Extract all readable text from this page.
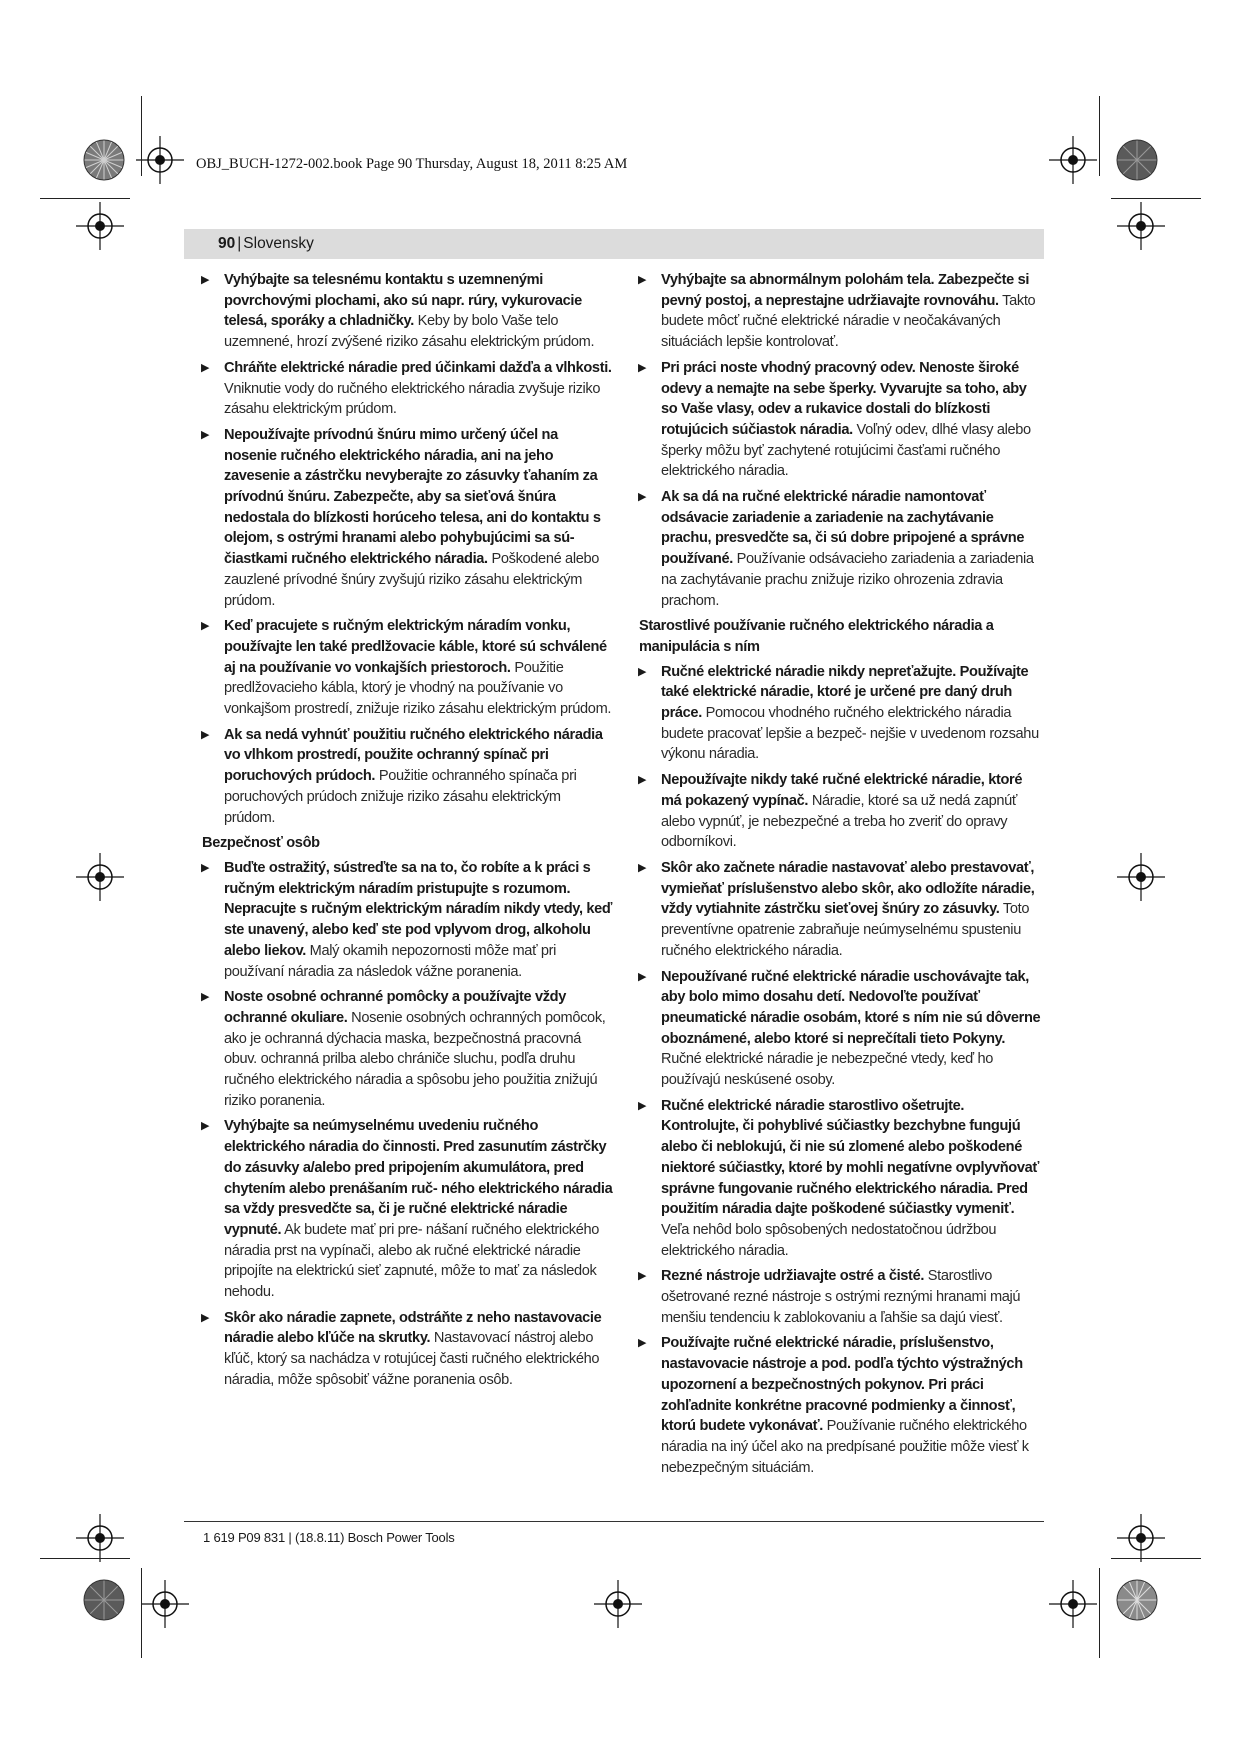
OBJ_BUCH-1272-002.book Page 90 Thursday, August 18, 2011 8:25 AM
90 | Slovensky
▶ Vyhýbajte sa telesnému kontaktu s uzemnenými povrchovými plochami, ako sú napr. rúry, vykurovacie telesá, sporáky a chladničky. Keby by bolo Vaše telo uzemnené, hrozí zvýšené riziko zásahu elektrickým prúdom.
▶ Chráňte elektrické náradie pred účinkami dažďa a vlhkosti. Vniknutie vody do ručného elektrického náradia zvyšuje riziko zásahu elektrickým prúdom.
▶ Nepoužívajte prívodnú šnúru mimo určený účel na nosenie ručného elektrického náradia, ani na jeho zavesenie a zástrčku nevyberajte zo zásuvky ťahaním za prívodnú šnúru. Zabezpečte, aby sa sieťová šnúra nedostala do blízkosti horúceho telesa, ani do kontaktu s olejom, s ostrými hranami alebo pohybujúcimi sa sú- čiastkami ručného elektrického náradia. Poškodené alebo zauzlené prívodné šnúry zvyšujú riziko zásahu elektrickým prúdom.
▶ Keď pracujete s ručným elektrickým náradím vonku, používajte len také predlžovacie káble, ktoré sú schválené aj na používanie vo vonkajších priestoroch. Použitie predlžovacieho kábla, ktorý je vhodný na používanie vo vonkajšom prostredí, znižuje riziko zásahu elektrickým prúdom.
▶ Ak sa nedá vyhnúť použitiu ručného elektrického náradia vo vlhkom prostredí, použite ochranný spínač pri poruchových prúdoch. Použitie ochranného spínača pri poruchových prúdoch znižuje riziko zásahu elektrickým prúdom.
Bezpečnosť osôb
▶ Buďte ostražitý, sústreďte sa na to, čo robíte a k práci s ručným elektrickým náradím pristupujte s rozumom. Nepracujte s ručným elektrickým náradím nikdy vtedy, keď ste unavený, alebo keď ste pod vplyvom drog, alkoholu alebo liekov. Malý okamih nepozornosti môže mať pri používaní náradia za následok vážne poranenia.
▶ Noste osobné ochranné pomôcky a používajte vždy ochranné okuliare. Nosenie osobných ochranných pomôcok, ako je ochranná dýchacia maska, bezpečnostná pracovná obuv. ochranná prilba alebo chrániče sluchu, podľa druhu ručného elektrického náradia a spôsobu jeho použitia znižujú riziko poranenia.
▶ Vyhýbajte sa neúmyselnému uvedeniu ručného elektrického náradia do činnosti. Pred zasunutím zástrčky do zásuvky a/alebo pred pripojením akumulátora, pred chytením alebo prenášaním ruč- ného elektrického náradia sa vždy presvedčte sa, či je ručné elektrické náradie vypnuté. Ak budete mať pri pre- nášaní ručného elektrického náradia prst na vypínači, alebo ak ručné elektrické náradie pripojíte na elektrickú sieť zapnuté, môže to mať za následok nehodu.
▶ Skôr ako náradie zapnete, odstráňte z neho nastavovacie náradie alebo kľúče na skrutky. Nastavovací nástroj alebo kľúč, ktorý sa nachádza v rotujúcej časti ručného elektrického náradia, môže spôsobiť vážne poranenia osôb.
▶ Vyhýbajte sa abnormálnym polohám tela. Zabezpečte si pevný postoj, a neprestajne udržiavajte rovnováhu. Takto budete môcť ručné elektrické náradie v neočakávaných situáciách lepšie kontrolovať.
▶ Pri práci noste vhodný pracovný odev. Nenoste široké odevy a nemajte na sebe šperky. Vyvarujte sa toho, aby so Vaše vlasy, odev a rukavice dostali do blízkosti rotujúcich súčiastok náradia. Voľný odev, dlhé vlasy alebo šperky môžu byť zachytené rotujúcimi časťami ručného elektrického náradia.
▶ Ak sa dá na ručné elektrické náradie namontovať odsávacie zariadenie a zariadenie na zachytávanie prachu, presvedčte sa, či sú dobre pripojené a správne používané. Používanie odsávacieho zariadenia a zariadenia na zachytávanie prachu znižuje riziko ohrozenia zdravia prachom.
Starostlivé používanie ručného elektrického náradia a manipulácia s ním
▶ Ručné elektrické náradie nikdy nepreťažujte. Používajte také elektrické náradie, ktoré je určené pre daný druh práce. Pomocou vhodného ručného elektrického náradia budete pracovať lepšie a bezpeč- nejšie v uvedenom rozsahu výkonu náradia.
▶ Nepoužívajte nikdy také ručné elektrické náradie, ktoré má pokazený vypínač. Náradie, ktoré sa už nedá zapnúť alebo vypnúť, je nebezpečné a treba ho zveriť do opravy odborníkovi.
▶ Skôr ako začnete náradie nastavovať alebo prestavovať, vymieňať príslušenstvo alebo skôr, ako odložíte náradie, vždy vytiahnite zástrčku sieťovej šnúry zo zásuvky. Toto preventívne opatrenie zabraňuje neúmyselnému spusteniu ručného elektrického náradia.
▶ Nepoužívané ručné elektrické náradie uschovávajte tak, aby bolo mimo dosahu detí. Nedovoľte používať pneumatické náradie osobám, ktoré s ním nie sú dôverne oboznámené, alebo ktoré si neprečítali tieto Pokyny. Ručné elektrické náradie je nebezpečné vtedy, keď ho používajú neskúsené osoby.
▶ Ručné elektrické náradie starostlivo ošetrujte. Kontrolujte, či pohyblivé súčiastky bezchybne fungujú alebo či neblokujú, či nie sú zlomené alebo poškodené niektoré súčiastky, ktoré by mohli negatívne ovplyvňovať správne fungovanie ručného elektrického náradia. Pred použitím náradia dajte poškodené súčiastky vymeniť. Veľa nehôd bolo spôsobených nedostatočnou údržbou elektrického náradia.
▶ Rezné nástroje udržiavajte ostré a čisté. Starostlivo ošetrované rezné nástroje s ostrými reznými hranami majú menšiu tendenciu k zablokovaniu a ľahšie sa dajú viesť.
▶ Používajte ručné elektrické náradie, príslušenstvo, nastavovacie nástroje a pod. podľa týchto výstražných upozornení a bezpečnostných pokynov. Pri práci zohľadnite konkrétne pracovné podmienky a činnosť, ktorú budete vykonávať. Používanie ručného elektrického náradia na iný účel ako na predpísané použitie môže viesť k nebezpečným situáciám.
1 619 P09 831 | (18.8.11) Bosch Power Tools
